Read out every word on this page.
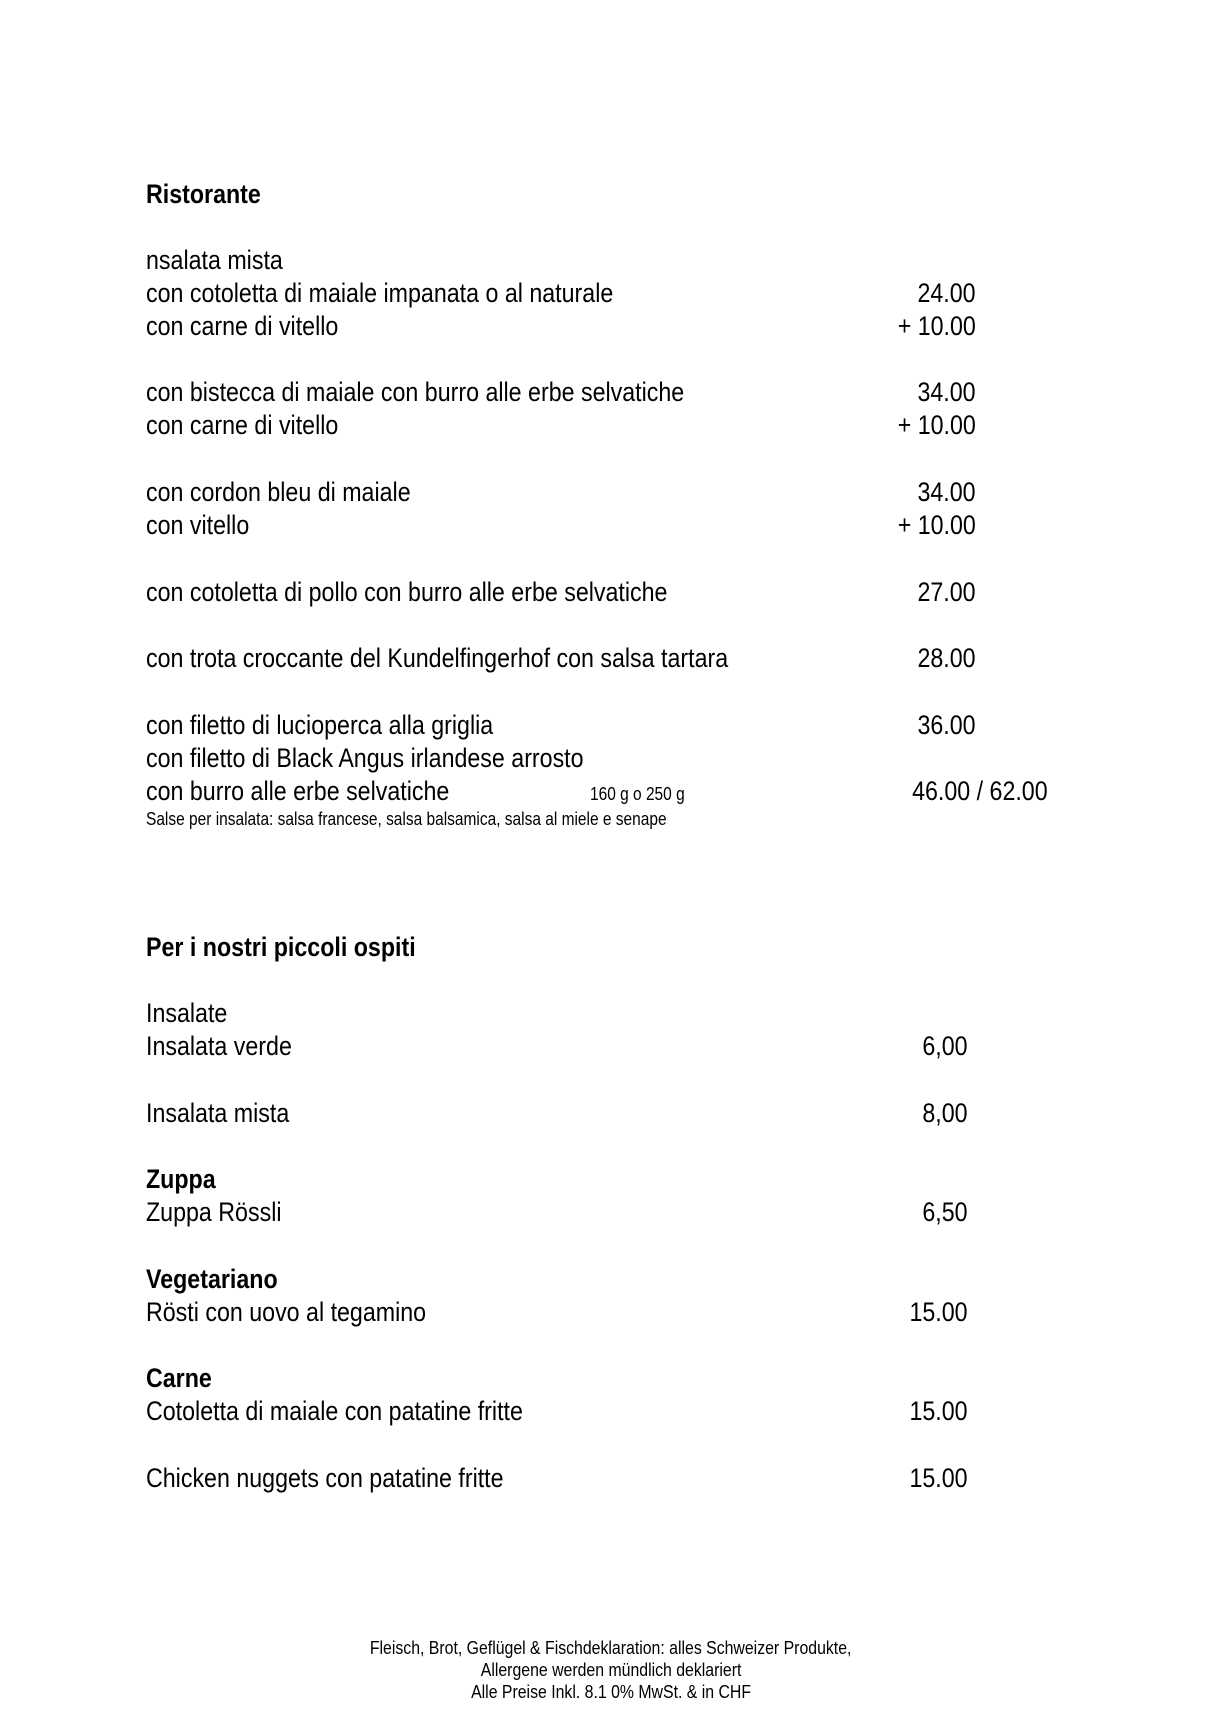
Ristorante
nsalata mista
con cotoletta di maiale impanata o al naturale	24.00
con carne di vitello	+ 10.00
con bistecca di maiale con burro alle erbe selvatiche	34.00
con carne di vitello	+ 10.00
con cordon bleu di maiale	34.00
con vitello	+ 10.00
con cotoletta di pollo con burro alle erbe selvatiche	27.00
con trota croccante del Kundelfingerhof con salsa tartara	28.00
con filetto di lucioperca alla griglia	36.00
con filetto di Black Angus irlandese arrosto
con burro alle erbe selvatiche	160 g o 250 g	46.00 / 62.00
Salse per insalata: salsa francese, salsa balsamica, salsa al miele e senape
Per i nostri piccoli ospiti
Insalate
Insalata verde	6,00
Insalata mista	8,00
Zuppa
Zuppa Rössli	6,50
Vegetariano
Rösti con uovo al tegamino	15.00
Carne
Cotoletta di maiale con patatine fritte	15.00
Chicken nuggets con patatine fritte	15.00
Fleisch, Brot, Geflügel & Fischdeklaration: alles Schweizer Produkte,
Allergene werden mündlich deklariert
Alle Preise Inkl. 8.1 0% MwSt. & in CHF
